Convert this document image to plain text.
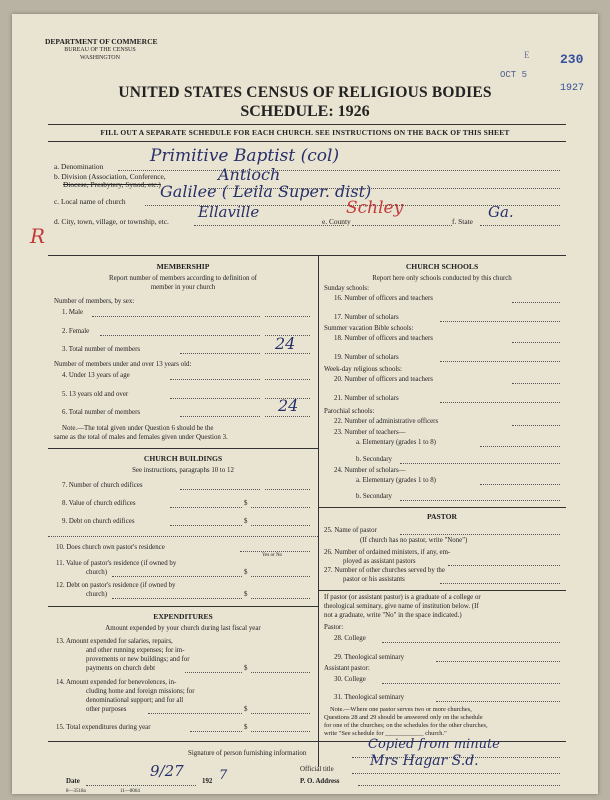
DEPARTMENT OF COMMERCE
BUREAU OF THE CENSUS
WASHINGTON	E 230
OCT 5
1927
UNITED STATES CENSUS OF RELIGIOUS BODIES
SCHEDULE: 1926
FILL OUT A SEPARATE SCHEDULE FOR EACH CHURCH. SEE INSTRUCTIONS ON THE BACK OF THIS SHEET
a. Denomination
Primitive Baptist (col)
b. Division (Association, Conference,
Diocese, Presbytery, Synod, etc.)
Antioch
c. Local name of church
Galilee ( Leila Super. dist)
R
d. City, town, village, or township, etc.
Ellaville
e. County
Schley
f. State
Ga.
MEMBERSHIP
Report number of members according to definition of
member in your church
Number of members, by sex:
1. Male
2. Female
3. Total number of members	24
Number of members under and over 13 years old:
4. Under 13 years of age
5. 13 years old and over
6. Total number of members	24
Note.—The total given under Question 6 should be the
same as the total of males and females given under Question 3.
CHURCH BUILDINGS
See instructions, paragraphs 10 to 12
7. Number of church edifices
8. Value of church edifices	$
9. Debt on church edifices	$
10. Does church own pastor's residence
Yes or No
11. Value of pastor's residence (if owned by
church)	$
12. Debt on pastor's residence (if owned by
church)	$
EXPENDITURES
Amount expended by your church during last fiscal year
13. Amount expended for salaries, repairs,
and other running expenses; for im-
provements or new buildings; and for
payments on church debt	$
14. Amount expended for benevolences, in-
cluding home and foreign missions; for
denominational support; and for all
other purposes	$
15. Total expenditures during year	$
CHURCH SCHOOLS
Report here only schools conducted by this church
Sunday schools:
16. Number of officers and teachers
17. Number of scholars
Summer vacation Bible schools:
18. Number of officers and teachers
19. Number of scholars
Week-day religious schools:
20. Number of officers and teachers
21. Number of scholars
Parochial schools:
22. Number of administrative officers
23. Number of teachers—
a. Elementary (grades 1 to 8)
b. Secondary
24. Number of scholars—
a. Elementary (grades 1 to 8)
b. Secondary
PASTOR
25. Name of pastor
(If church has no pastor, write "None")
26. Number of ordained ministers, if any, em-
ployed as assistant pastors
27. Number of other churches served by the
pastor or his assistants
If pastor (or assistant pastor) is a graduate of a college or
theological seminary, give name of institution below. (If
not a graduate, write "No" in the space indicated.)
Pastor:
28. College
29. Theological seminary
Assistant pastor:
30. College
31. Theological seminary
Note.—Where one pastor serves two or more churches,
Questions 28 and 29 should be answered only on the schedule
for one of the churches; on the schedules for the other churches,
write "See schedule for ____________ church."
Signature of person furnishing information
Copied from minute
Official title
Mrs Hagar S.d.
Date
9/27
192 7	P. O. Address
8—3518a	11—8064
